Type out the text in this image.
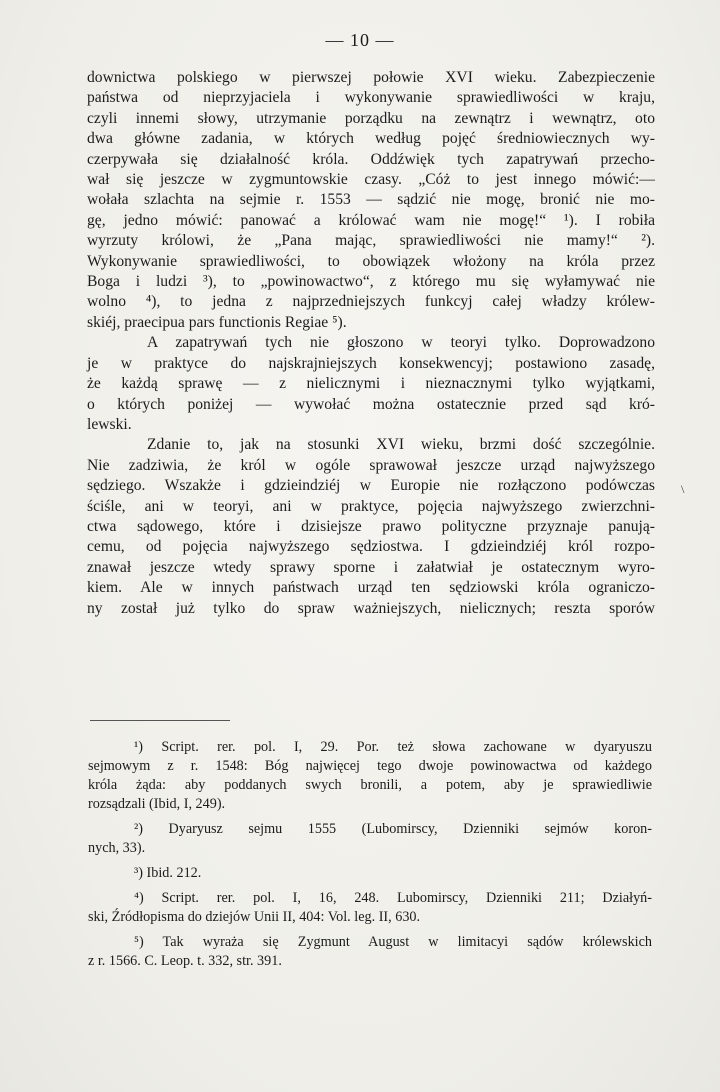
— 10 —
downictwa polskiego w pierwszej połowie XVI wieku. Zabezpieczenie
państwa od nieprzyjaciela i wykonywanie sprawiedliwości w kraju,
czyli innemi słowy, utrzymanie porządku na zewnątrz i wewnątrz, oto
dwa główne zadania, w których według pojęć średniowiecznych wy-
czerpywała się działalność króla. Oddźwięk tych zapatrywań przecho-
wał się jeszcze w zygmuntowskie czasy. „Cóż to jest innego mówić:—
wołała szlachta na sejmie r. 1553 — sądzić nie mogę, bronić nie mo-
gę, jedno mówić: panować a królować wam nie mogę!“ ¹). I robiła
wyrzuty królowi, że „Pana mając, sprawiedliwości nie mamy!“ ²).
Wykonywanie sprawiedliwości, to obowiązek włożony na króla przez
Boga i ludzi ³), to „powinowactwo“, z którego mu się wyłamywać nie
wolno ⁴), to jedna z najprzedniejszych funkcyj całej władzy królew-
skiéj, praecipua pars functionis Regiae ⁵).
A zapatrywań tych nie głoszono w teoryi tylko. Doprowadzono
je w praktyce do najskrajniejszych konsekwencyj; postawiono zasadę,
że każdą sprawę — z nielicznymi i nieznacznymi tylko wyjątkami,
o których poniżej — wywołać można ostatecznie przed sąd kró-
lewski.
Zdanie to, jak na stosunki XVI wieku, brzmi dość szczególnie.
Nie zadziwia, że król w ogóle sprawował jeszcze urząd najwyższego
sędziego. Wszakże i gdzieindziéj w Europie nie rozłączono podówczas
ściśle, ani w teoryi, ani w praktyce, pojęcia najwyższego zwierzchni-
ctwa sądowego, które i dzisiejsze prawo polityczne przyznaje panują-
cemu, od pojęcia najwyższego sędziostwa. I gdzieindziéj król rozpo-
znawał jeszcze wtedy sprawy sporne i załatwiał je ostatecznym wyro-
kiem. Ale w innych państwach urząd ten sędziowski króla ograniczo-
ny został już tylko do spraw ważniejszych, nielicznych; reszta sporów
\
¹) Script. rer. pol. I, 29. Por. też słowa zachowane w dyaryuszu
sejmowym z r. 1548: Bóg najwięcej tego dwoje powinowactwa od każdego
króla żąda: aby poddanych swych bronili, a potem, aby je sprawiedliwie
rozsądzali (Ibid, I, 249).
²) Dyaryusz sejmu 1555 (Lubomirscy, Dzienniki sejmów koron-
nych, 33).
³) Ibid. 212.
⁴) Script. rer. pol. I, 16, 248. Lubomirscy, Dzienniki 211; Działyń-
ski, Źródłopisma do dziejów Unii II, 404: Vol. leg. II, 630.
⁵) Tak wyraża się Zygmunt August w limitacyi sądów królewskich
z r. 1566. C. Leop. t. 332, str. 391.
